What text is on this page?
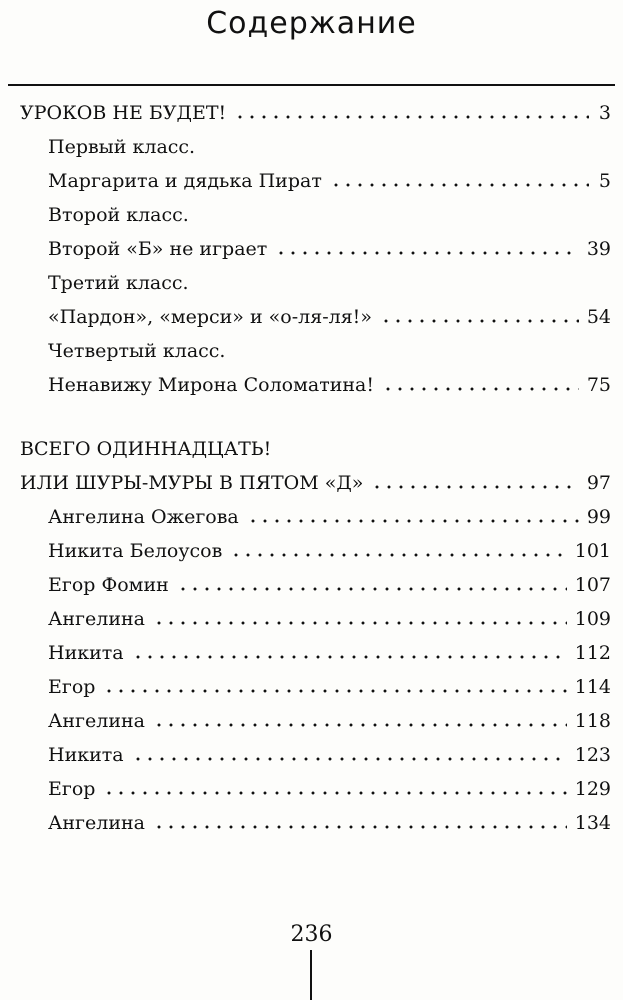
Содержание
УРОКОВ НЕ БУДЕТ!	3
Первый класс.
Маргарита и дядька Пират	5
Второй класс.
Второй «Б» не играет	39
Третий класс.
«Пардон», «мерси» и «о-ля-ля!»	54
Четвертый класс.
Ненавижу Мирона Соломатина!	75
ВСЕГО ОДИННАДЦАТЬ!
ИЛИ ШУРЫ-МУРЫ В ПЯТОМ «Д»	97
Ангелина Ожегова	99
Никита Белоусов	101
Егор Фомин	107
Ангелина	109
Никита	112
Егор	114
Ангелина	118
Никита	123
Егор	129
Ангелина	134
236
